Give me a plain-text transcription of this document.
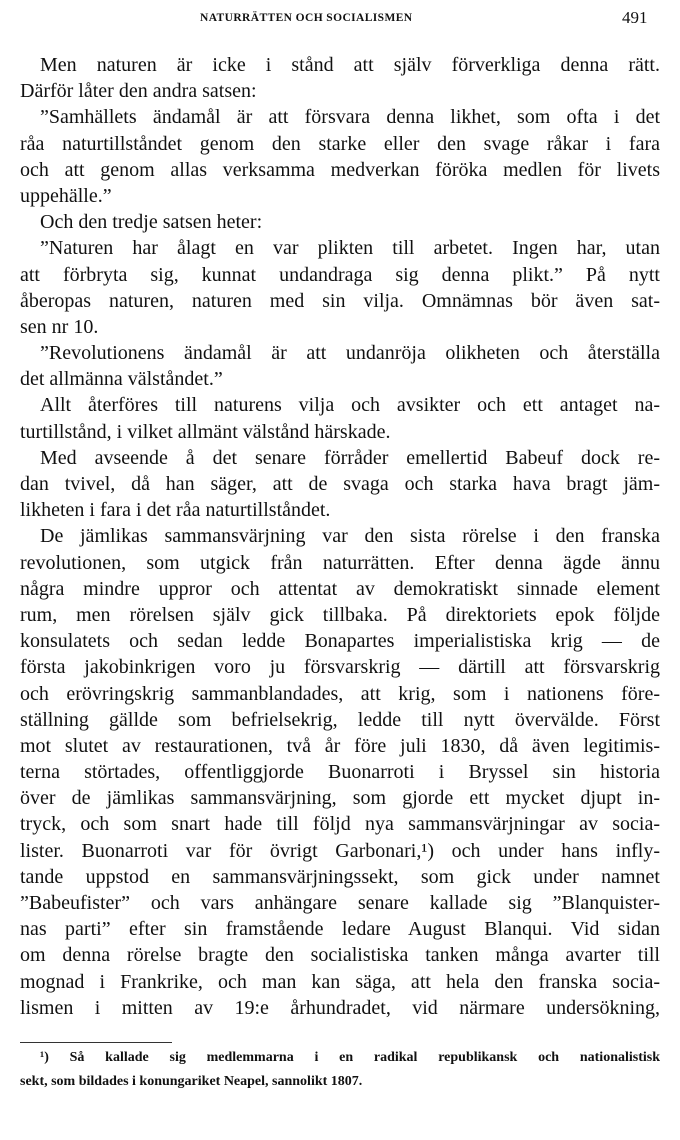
NATURRÄTTEN OCH SOCIALISMEN	491
Men naturen är icke i stånd att själv förverkliga denna rätt.
Därför låter den andra satsen:
”Samhällets ändamål är att försvara denna likhet, som ofta i det
råa naturtillståndet genom den starke eller den svage råkar i fara
och att genom allas verksamma medverkan föröka medlen för livets
uppehälle.”
Och den tredje satsen heter:
”Naturen har ålagt en var plikten till arbetet. Ingen har, utan
att förbryta sig, kunnat undandraga sig denna plikt.” På nytt
åberopas naturen, naturen med sin vilja. Omnämnas bör även sat-
sen nr 10.
”Revolutionens ändamål är att undanröja olikheten och återställa
det allmänna välståndet.”
Allt återföres till naturens vilja och avsikter och ett antaget na-
turtillstånd, i vilket allmänt välstånd härskade.
Med avseende å det senare förråder emellertid Babeuf dock re-
dan tvivel, då han säger, att de svaga och starka hava bragt jäm-
likheten i fara i det råa naturtillståndet.
De jämlikas sammansvärjning var den sista rörelse i den franska
revolutionen, som utgick från naturrätten. Efter denna ägde ännu
några mindre uppror och attentat av demokratiskt sinnade element
rum, men rörelsen själv gick tillbaka. På direktoriets epok följde
konsulatets och sedan ledde Bonapartes imperialistiska krig — de
första jakobinkrigen voro ju försvarskrig — därtill att försvarskrig
och erövringskrig sammanblandades, att krig, som i nationens före-
ställning gällde som befrielsekrig, ledde till nytt övervälde. Först
mot slutet av restaurationen, två år före juli 1830, då även legitimis-
terna störtades, offentliggjorde Buonarroti i Bryssel sin historia
över de jämlikas sammansvärjning, som gjorde ett mycket djupt in-
tryck, och som snart hade till följd nya sammansvärjningar av socia-
lister. Buonarroti var för övrigt Garbonari,¹) och under hans infly-
tande uppstod en sammansvärjningssekt, som gick under namnet
”Babeufister” och vars anhängare senare kallade sig ”Blanquister-
nas parti” efter sin framstående ledare August Blanqui. Vid sidan
om denna rörelse bragte den socialistiska tanken många avarter till
mognad i Frankrike, och man kan säga, att hela den franska socia-
lismen i mitten av 19:e århundradet, vid närmare undersökning,
¹) Så kallade sig medlemmarna i en radikal republikansk och nationalistisk
sekt, som bildades i konungariket Neapel, sannolikt 1807.
